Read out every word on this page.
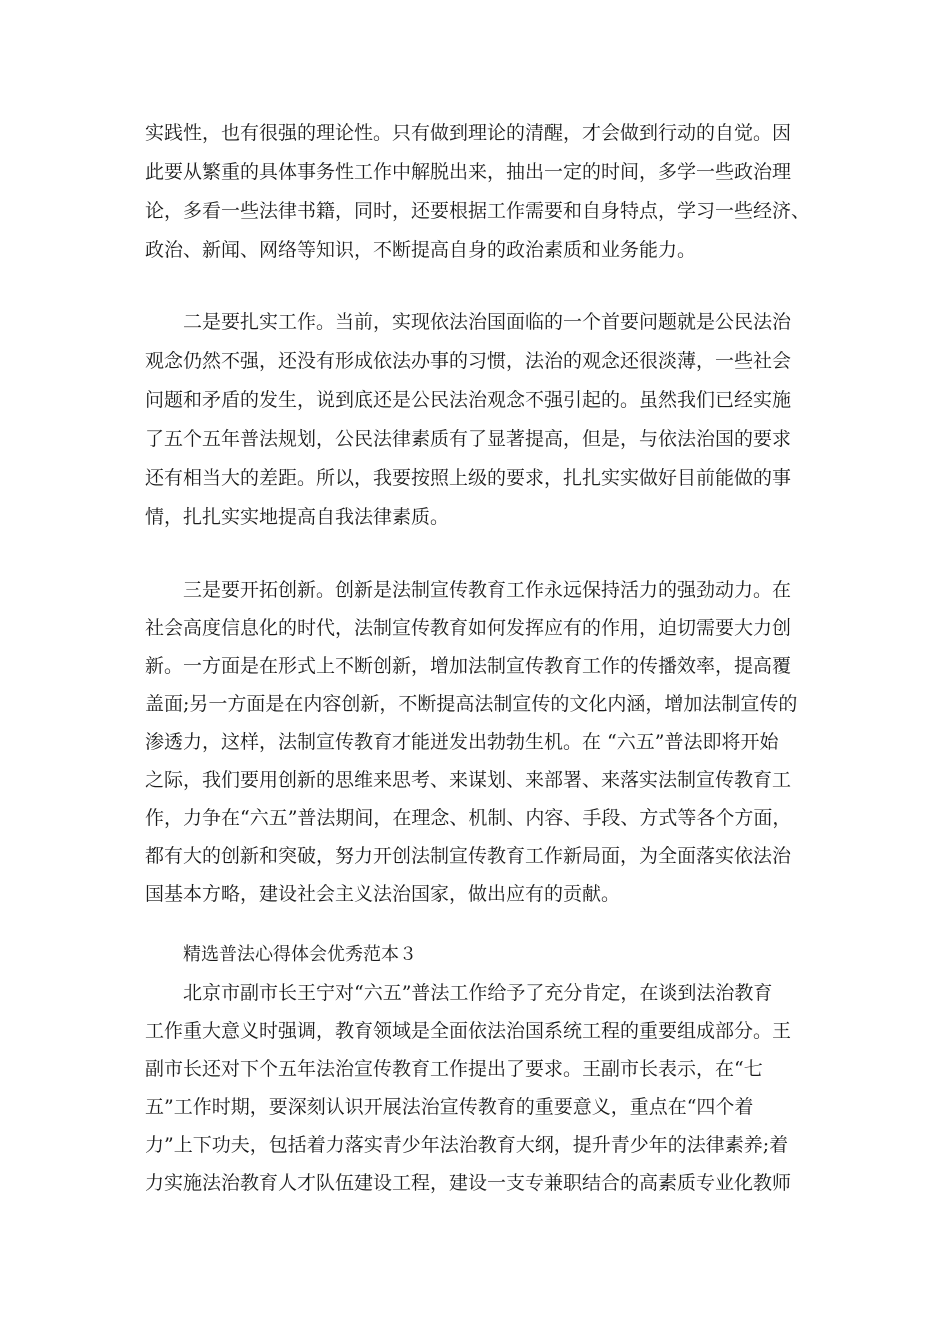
实践性，也有很强的理论性。只有做到理论的清醒，才会做到行动的自觉。因
此要从繁重的具体事务性工作中解脱出来，抽出一定的时间，多学一些政治理
论，多看一些法律书籍，同时，还要根据工作需要和自身特点，学习一些经济、
政治、新闻、网络等知识，不断提高自身的政治素质和业务能力。
二是要扎实工作。当前，实现依法治国面临的一个首要问题就是公民法治
观念仍然不强，还没有形成依法办事的习惯，法治的观念还很淡薄，一些社会
问题和矛盾的发生，说到底还是公民法治观念不强引起的。虽然我们已经实施
了五个五年普法规划，公民法律素质有了显著提高，但是，与依法治国的要求
还有相当大的差距。所以，我要按照上级的要求，扎扎实实做好目前能做的事
情，扎扎实实地提高自我法律素质。
三是要开拓创新。创新是法制宣传教育工作永远保持活力的强劲动力。在
社会高度信息化的时代，法制宣传教育如何发挥应有的作用，迫切需要大力创
新。一方面是在形式上不断创新，增加法制宣传教育工作的传播效率，提高覆
盖面;另一方面是在内容创新，不断提高法制宣传的文化内涵，增加法制宣传的
渗透力，这样，法制宣传教育才能迸发出勃勃生机。在 “六五”普法即将开始
之际，我们要用创新的思维来思考、来谋划、来部署、来落实法制宣传教育工
作，力争在“六五”普法期间，在理念、机制、内容、手段、方式等各个方面，
都有大的创新和突破，努力开创法制宣传教育工作新局面，为全面落实依法治
国基本方略，建设社会主义法治国家，做出应有的贡献。
精选普法心得体会优秀范本３
北京市副市长王宁对“六五”普法工作给予了充分肯定，在谈到法治教育
工作重大意义时强调，教育领域是全面依法治国系统工程的重要组成部分。王
副市长还对下个五年法治宣传教育工作提出了要求。王副市长表示，在“七
五”工作时期，要深刻认识开展法治宣传教育的重要意义，重点在“四个着
力”上下功夫，包括着力落实青少年法治教育大纲，提升青少年的法律素养;着
力实施法治教育人才队伍建设工程，建设一支专兼职结合的高素质专业化教师
